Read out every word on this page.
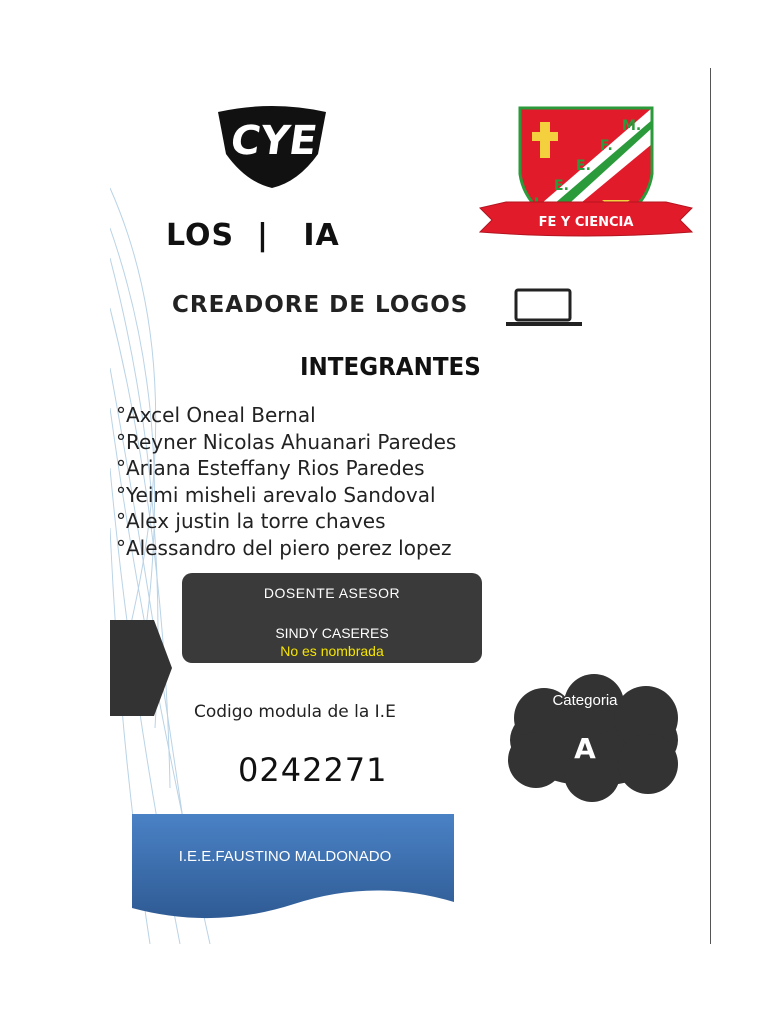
CYE
LOS  |   IA
M.
F.
E.
E.
FE Y CIENCIA
CREADORE DE LOGOS
INTEGRANTES
°Axcel Oneal Bernal
°Reyner Nicolas Ahuanari Paredes
°Ariana Esteffany Rios Paredes
°Yeimi misheli arevalo Sandoval
°Alex justin la torre chaves
°Alessandro del piero perez lopez
DOSENTE ASESOR
SINDY CASERES
No es nombrada
Codigo modula de la I.E
0242271
Categoria
A
I.E.E.FAUSTINO MALDONADO
